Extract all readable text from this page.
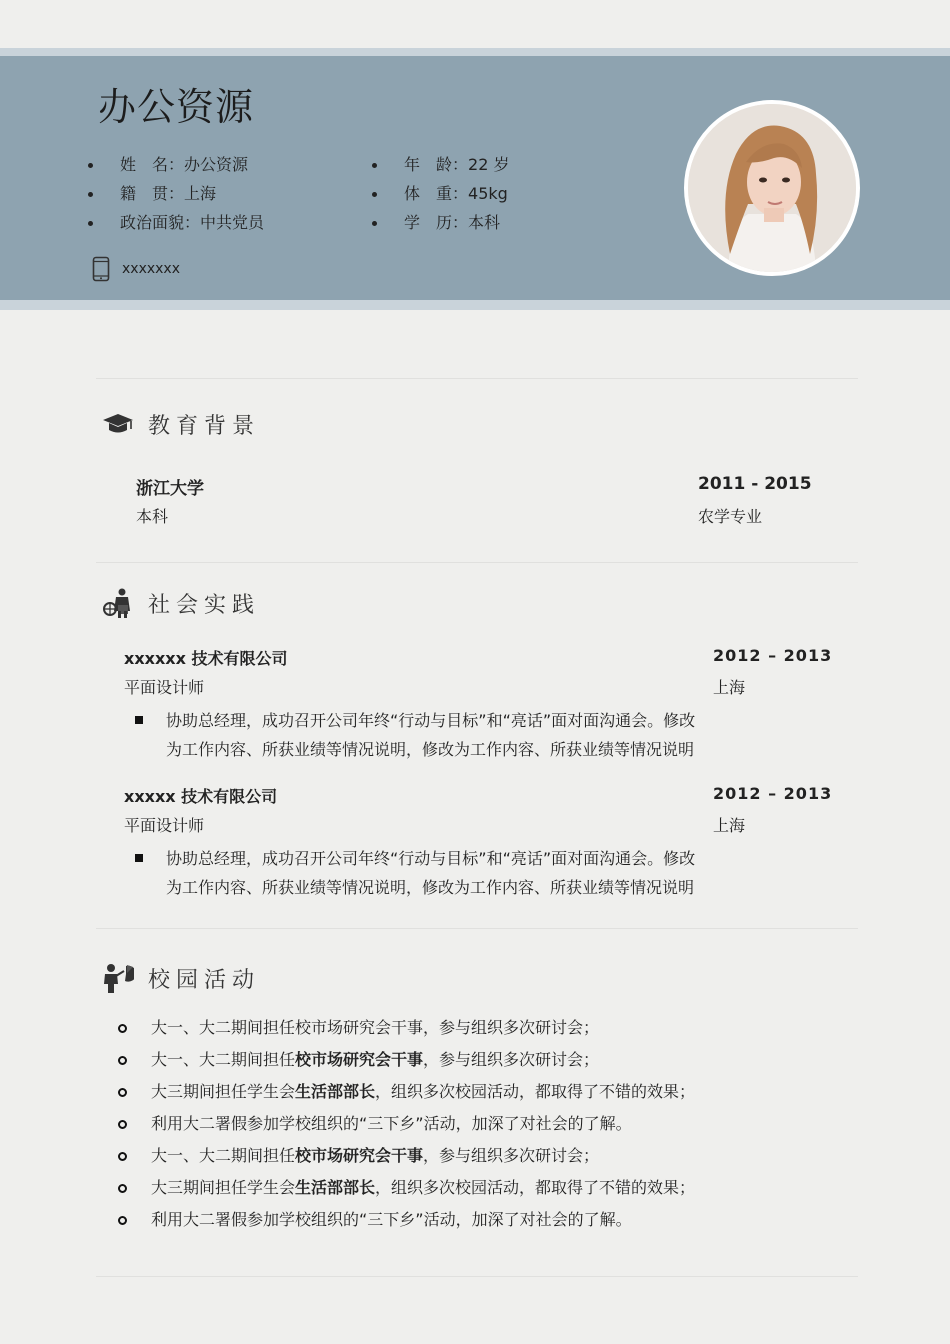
办公资源
姓　名：办公资源
籍　贯：上海
政治面貌：中共党员
年　龄：22 岁
体　重：45kg
学　历：本科
xxxxxxx
教育背景
浙江大学	2011 - 2015
本科	农学专业
社会实践
xxxxxx 技术有限公司	2012 – 2013
平面设计师	上海
协助总经理，成功召开公司年终“行动与目标”和“亮话”面对面沟通会。修改
为工作内容、所获业绩等情况说明，修改为工作内容、所获业绩等情况说明
xxxxx 技术有限公司	2012 – 2013
平面设计师	上海
协助总经理，成功召开公司年终“行动与目标”和“亮话”面对面沟通会。修改
为工作内容、所获业绩等情况说明，修改为工作内容、所获业绩等情况说明
校园活动
大一、大二期间担任校市场研究会干事，参与组织多次研讨会；
大一、大二期间担任校市场研究会干事，参与组织多次研讨会；
大三期间担任学生会生活部部长，组织多次校园活动，都取得了不错的效果；
利用大二署假参加学校组织的“三下乡”活动，加深了对社会的了解。
大一、大二期间担任校市场研究会干事，参与组织多次研讨会；
大三期间担任学生会生活部部长，组织多次校园活动，都取得了不错的效果；
利用大二署假参加学校组织的“三下乡”活动，加深了对社会的了解。
